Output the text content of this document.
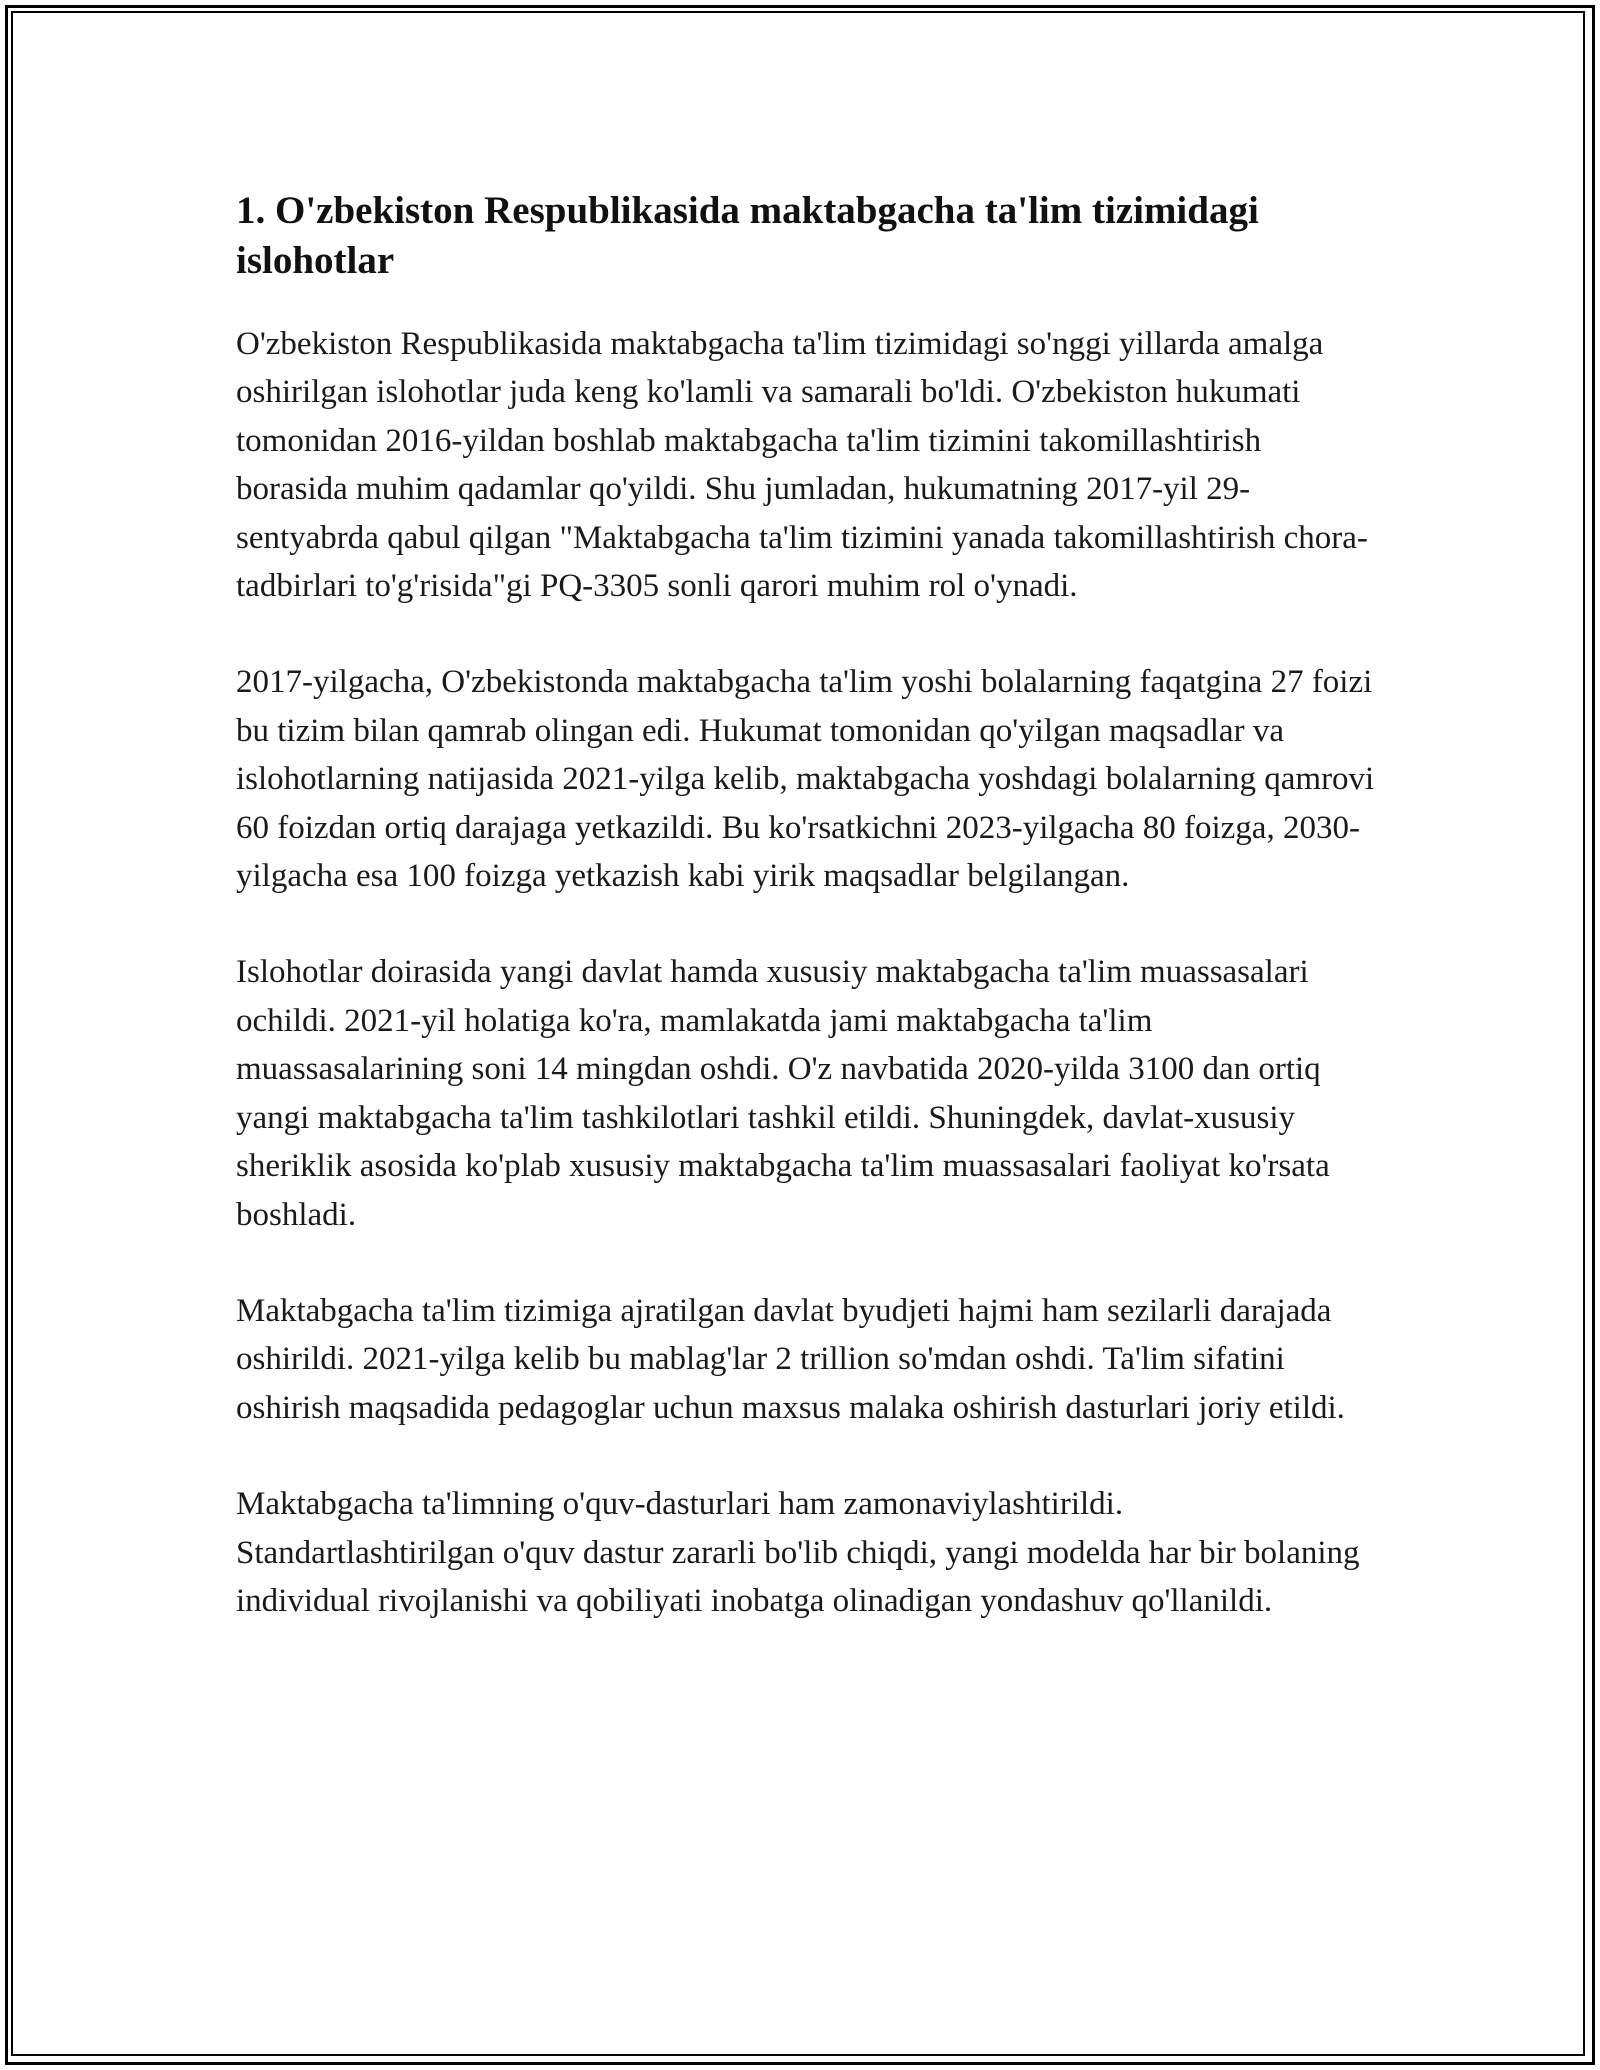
1. O'zbekiston Respublikasida maktabgacha ta'lim tizimidagi islohotlar

O'zbekiston Respublikasida maktabgacha ta'lim tizimidagi so'nggi yillarda amalga oshirilgan islohotlar juda keng ko'lamli va samarali bo'ldi. O'zbekiston hukumati tomonidan 2016-yildan boshlab maktabgacha ta'lim tizimini takomillashtirish borasida muhim qadamlar qo'yildi. Shu jumladan, hukumatning 2017-yil 29-sentyabrda qabul qilgan "Maktabgacha ta'lim tizimini yanada takomillashtirish chora-tadbirlari to'g'risida"gi PQ-3305 sonli qarori muhim rol o'ynadi.

2017-yilgacha, O'zbekistonda maktabgacha ta'lim yoshi bolalarning faqatgina 27 foizi bu tizim bilan qamrab olingan edi. Hukumat tomonidan qo'yilgan maqsadlar va islohotlarning natijasida 2021-yilga kelib, maktabgacha yoshdagi bolalarning qamrovi 60 foizdan ortiq darajaga yetkazildi. Bu ko'rsatkichni 2023-yilgacha 80 foizga, 2030-yilgacha esa 100 foizga yetkazish kabi yirik maqsadlar belgilangan.

Islohotlar doirasida yangi davlat hamda xususiy maktabgacha ta'lim muassasalari ochildi. 2021-yil holatiga ko'ra, mamlakatda jami maktabgacha ta'lim muassasalarining soni 14 mingdan oshdi. O'z navbatida 2020-yilda 3100 dan ortiq yangi maktabgacha ta'lim tashkilotlari tashkil etildi. Shuningdek, davlat-xususiy sheriklik asosida ko'plab xususiy maktabgacha ta'lim muassasalari faoliyat ko'rsata boshladi.

Maktabgacha ta'lim tizimiga ajratilgan davlat byudjeti hajmi ham sezilarli darajada oshirildi. 2021-yilga kelib bu mablag'lar 2 trillion so'mdan oshdi. Ta'lim sifatini oshirish maqsadida pedagoglar uchun maxsus malaka oshirish dasturlari joriy etildi.

Maktabgacha ta'limning o'quv-dasturlari ham zamonaviylashtirildi. Standartlashtirilgan o'quv dastur zararli bo'lib chiqdi, yangi modelda har bir bolaning individual rivojlanishi va qobiliyati inobatga olinadigan yondashuv qo'llanildi.
